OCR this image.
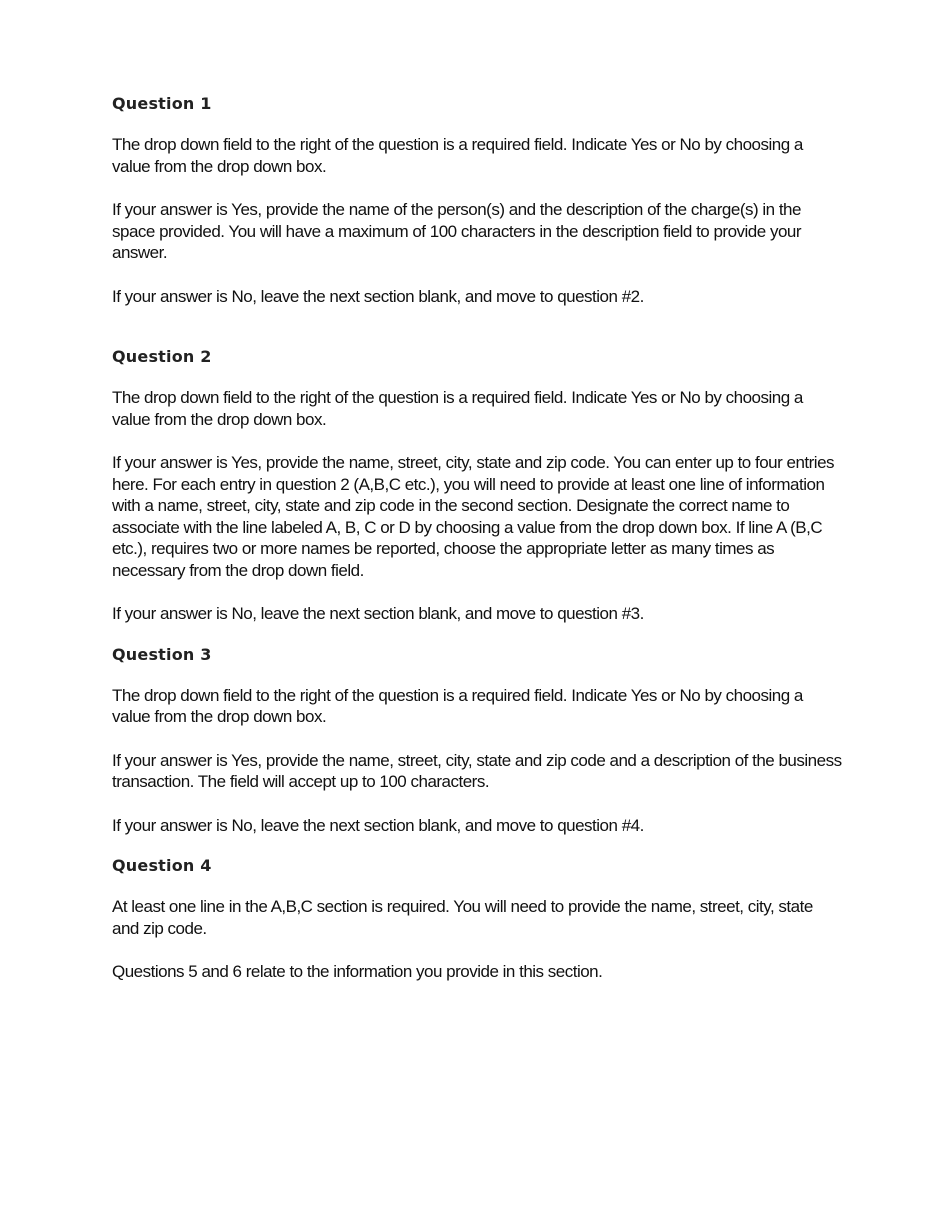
Question 1

The drop down field to the right of the question is a required field. Indicate Yes or No by choosing a value from the drop down box.

If your answer is Yes, provide the name of the person(s) and the description of the charge(s) in the space provided. You will have a maximum of 100 characters in the description field to provide your answer.

If your answer is No, leave the next section blank, and move to question #2.

Question 2

The drop down field to the right of the question is a required field. Indicate Yes or No by choosing a value from the drop down box.

If your answer is Yes, provide the name, street, city, state and zip code. You can enter up to four entries here. For each entry in question 2 (A,B,C etc.), you will need to provide at least one line of information with a name, street, city, state and zip code in the second section. Designate the correct name to associate with the line labeled A, B, C or D by choosing a value from the drop down box. If line A (B,C etc.), requires two or more names be reported, choose the appropriate letter as many times as necessary from the drop down field.

If your answer is No, leave the next section blank, and move to question #3.

Question 3

The drop down field to the right of the question is a required field. Indicate Yes or No by choosing a value from the drop down box.

If your answer is Yes, provide the name, street, city, state and zip code and a description of the business transaction. The field will accept up to 100 characters.

If your answer is No, leave the next section blank, and move to question #4.

Question 4

At least one line in the A,B,C section is required. You will need to provide the name, street, city, state and zip code.

Questions 5 and 6 relate to the information you provide in this section.
